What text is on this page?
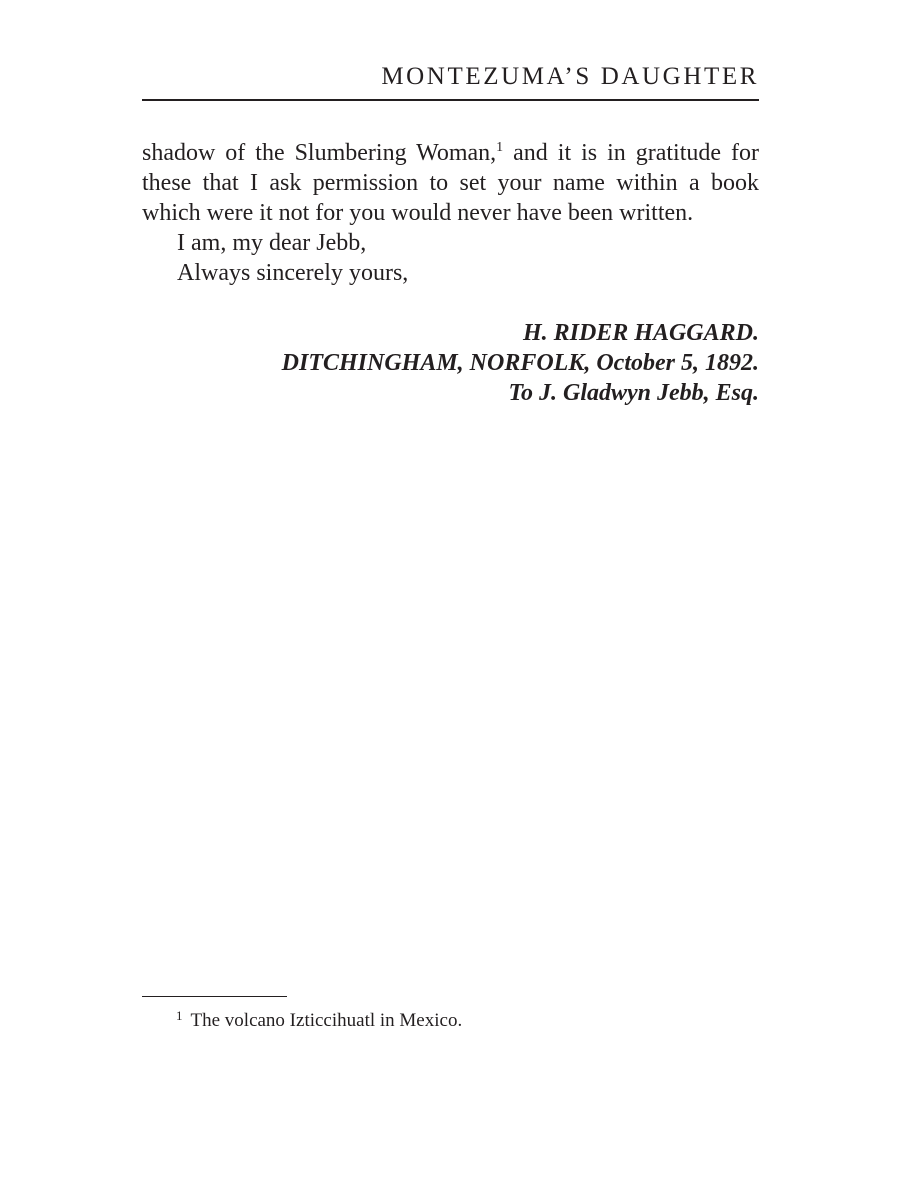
MONTEZUMA’S DAUGHTER

shadow of the Slumbering Woman,$^1$ and it is in gratitude for these that I ask permission to set your name within a book which were it not for you would never have been written.

I am, my dear Jebb,

Always sincerely yours,

H. RIDER HAGGARD.
DITCHINGHAM, NORFOLK, October 5, 1892.
To J. Gladwyn Jebb, Esq.
$^1$ The volcano Izticcihuatl in Mexico.
